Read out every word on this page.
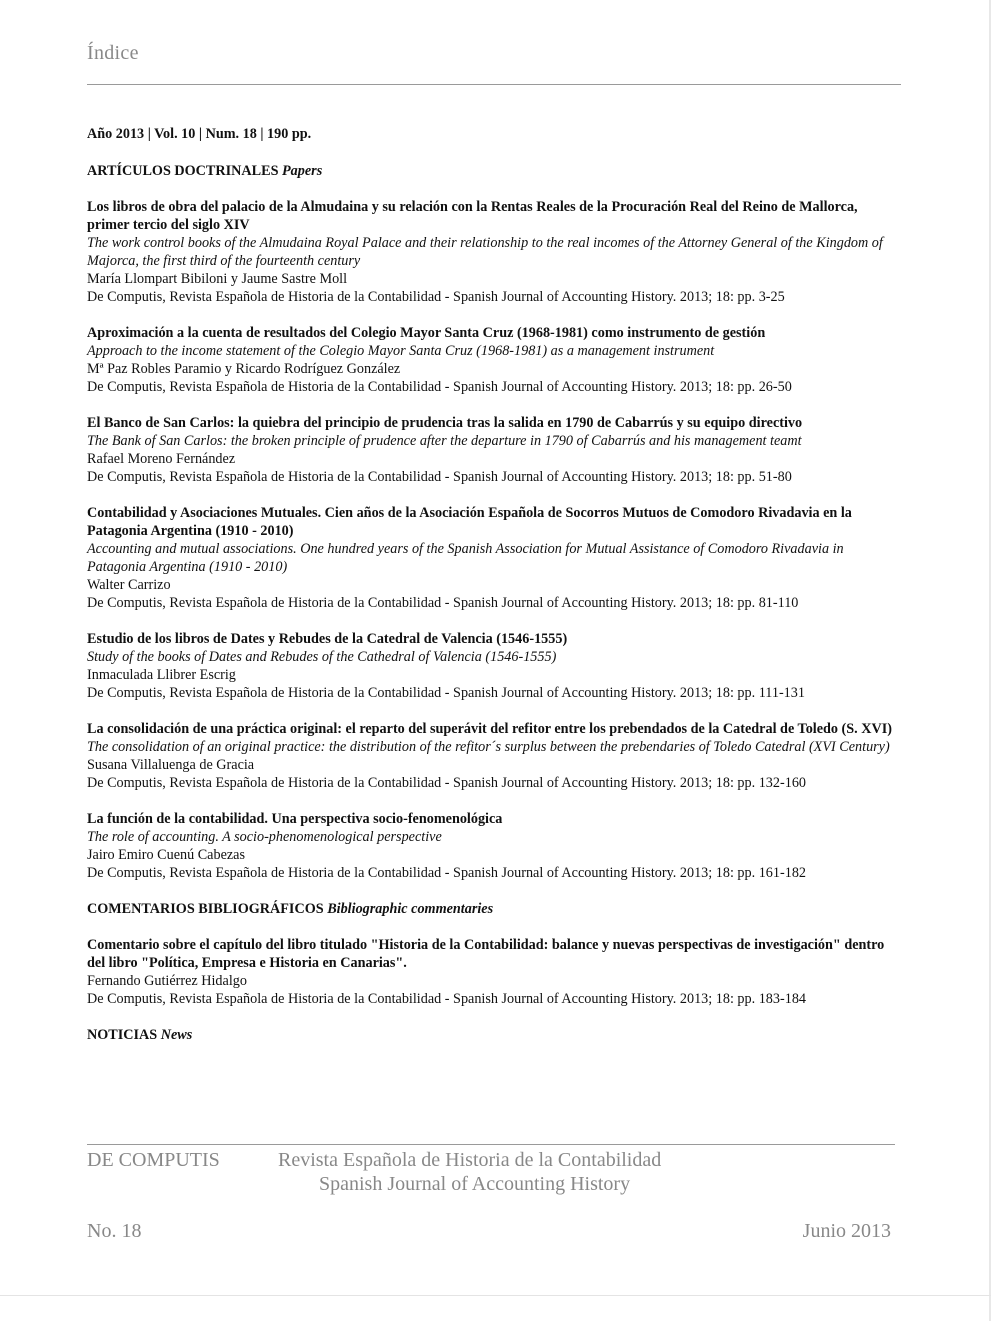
Índice
Año 2013 | Vol. 10 | Num. 18 | 190 pp.
ARTÍCULOS DOCTRINALES Papers
Los libros de obra del palacio de la Almudaina y su relación con la Rentas Reales de la Procuración Real del Reino de Mallorca, primer tercio del siglo XIV
The work control books of the Almudaina Royal Palace and their relationship to the real incomes of the Attorney General of the Kingdom of Majorca, the first third of the fourteenth century
María Llompart Bibiloni y Jaume Sastre Moll
De Computis, Revista Española de Historia de la Contabilidad - Spanish Journal of Accounting History. 2013; 18: pp. 3-25
Aproximación a la cuenta de resultados del Colegio Mayor Santa Cruz (1968-1981) como instrumento de gestión
Approach to the income statement of the Colegio Mayor Santa Cruz (1968-1981) as a management instrument
Mª Paz Robles Paramio y Ricardo Rodríguez González
De Computis, Revista Española de Historia de la Contabilidad - Spanish Journal of Accounting History. 2013; 18: pp. 26-50
El Banco de San Carlos: la quiebra del principio de prudencia tras la salida en 1790 de Cabarrús y su equipo directivo
The Bank of San Carlos: the broken principle of prudence after the departure in 1790 of Cabarrús and his management teamt
Rafael Moreno Fernández
De Computis, Revista Española de Historia de la Contabilidad - Spanish Journal of Accounting History. 2013; 18: pp. 51-80
Contabilidad y Asociaciones Mutuales. Cien años de la Asociación Española de Socorros Mutuos de Comodoro Rivadavia en la Patagonia Argentina (1910 - 2010)
Accounting and mutual associations. One hundred years of the Spanish Association for Mutual Assistance of Comodoro Rivadavia in Patagonia Argentina (1910 - 2010)
Walter Carrizo
De Computis, Revista Española de Historia de la Contabilidad - Spanish Journal of Accounting History. 2013; 18: pp. 81-110
Estudio de los libros de Dates y Rebudes de la Catedral de Valencia (1546-1555)
Study of the books of Dates and Rebudes of the Cathedral of Valencia (1546-1555)
Inmaculada Llibrer Escrig
De Computis, Revista Española de Historia de la Contabilidad - Spanish Journal of Accounting History. 2013; 18: pp. 111-131
La consolidación de una práctica original: el reparto del superávit del refitor entre los prebendados de la Catedral de Toledo (S. XVI)
The consolidation of an original practice: the distribution of the refitor´s surplus between the prebendaries of Toledo Catedral (XVI Century)
Susana Villaluenga de Gracia
De Computis, Revista Española de Historia de la Contabilidad - Spanish Journal of Accounting History. 2013; 18: pp. 132-160
La función de la contabilidad. Una perspectiva socio-fenomenológica
The role of accounting. A socio-phenomenological perspective
Jairo Emiro Cuenú Cabezas
De Computis, Revista Española de Historia de la Contabilidad - Spanish Journal of Accounting History. 2013; 18: pp. 161-182
COMENTARIOS BIBLIOGRÁFICOS Bibliographic commentaries
Comentario sobre el capítulo del libro titulado "Historia de la Contabilidad: balance y nuevas perspectivas de investigación" dentro del libro "Política, Empresa e Historia en Canarias".
Fernando Gutiérrez Hidalgo
De Computis, Revista Española de Historia de la Contabilidad - Spanish Journal of Accounting History. 2013; 18: pp. 183-184
NOTICIAS News
DE COMPUTIS	Revista Española de Historia de la Contabilidad
Spanish Journal of Accounting History
No. 18	Junio 2013
